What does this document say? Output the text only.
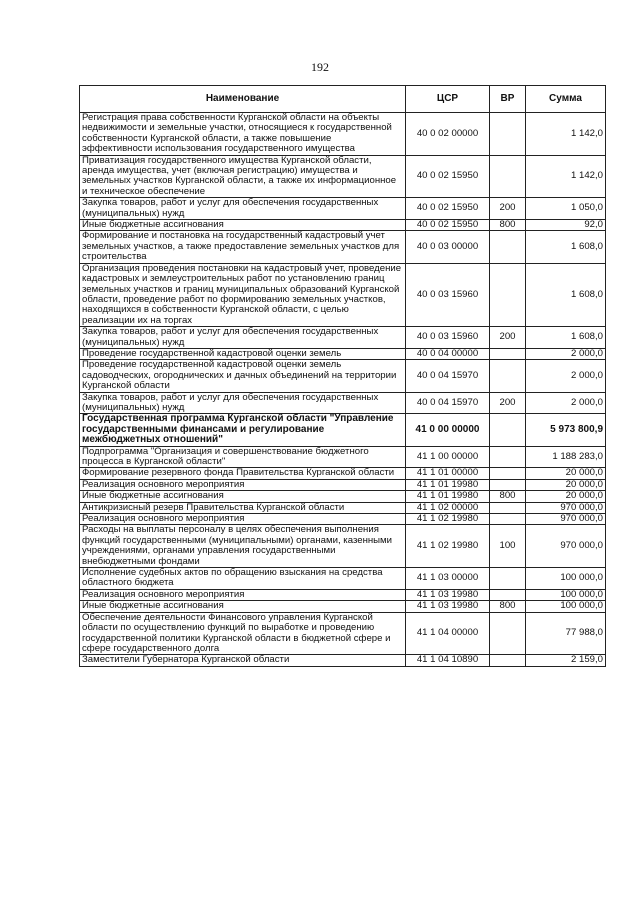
192
Наименование	ЦСР	ВР	Сумма
Регистрация права собственности Курганской области на объекты недвижимости и земельные участки, относящиеся к государственной собственности Курганской области, а также повышение эффективности использования государственного имущества	40 0 02 00000		1 142,0
Приватизация государственного имущества Курганской области, аренда имущества, учет (включая регистрацию) имущества и земельных участков Курганской области, а также их информационное и техническое обеспечение	40 0 02 15950		1 142,0
Закупка товаров, работ и услуг для обеспечения государственных (муниципальных) нужд	40 0 02 15950	200	1 050,0
Иные бюджетные ассигнования	40 0 02 15950	800	92,0
Формирование и постановка на государственный кадастровый учет земельных участков, а также предоставление земельных участков для строительства	40 0 03 00000		1 608,0
Организация проведения постановки на кадастровый учет, проведение кадастровых и землеустроительных работ по установлению границ земельных участков и границ муниципальных образований Курганской области, проведение работ по формированию земельных участков, находящихся в собственности Курганской области, с целью реализации их на торгах	40 0 03 15960		1 608,0
Закупка товаров, работ и услуг для обеспечения государственных (муниципальных) нужд	40 0 03 15960	200	1 608,0
Проведение государственной кадастровой оценки земель	40 0 04 00000		2 000,0
Проведение государственной кадастровой оценки земель садоводческих, огороднических и дачных объединений на территории Курганской области	40 0 04 15970		2 000,0
Закупка товаров, работ и услуг для обеспечения государственных (муниципальных) нужд	40 0 04 15970	200	2 000,0
Государственная программа Курганской области "Управление государственными финансами и регулирование межбюджетных отношений"	41 0 00 00000		5 973 800,9
Подпрограмма "Организация и совершенствование бюджетного процесса в Курганской области"	41 1 00 00000		1 188 283,0
Формирование резервного фонда Правительства Курганской области	41 1 01 00000		20 000,0
Реализация основного мероприятия	41 1 01 19980		20 000,0
Иные бюджетные ассигнования	41 1 01 19980	800	20 000,0
Антикризисный резерв Правительства Курганской области	41 1 02 00000		970 000,0
Реализация основного мероприятия	41 1 02 19980		970 000,0
Расходы на выплаты персоналу в целях обеспечения выполнения функций государственными (муниципальными) органами, казенными учреждениями, органами управления государственными внебюджетными фондами	41 1 02 19980	100	970 000,0
Исполнение судебных актов по обращению взыскания на средства областного бюджета	41 1 03 00000		100 000,0
Реализация основного мероприятия	41 1 03 19980		100 000,0
Иные бюджетные ассигнования	41 1 03 19980	800	100 000,0
Обеспечение деятельности Финансового управления Курганской области по осуществлению функций по выработке и проведению государственной политики Курганской области в бюджетной сфере и сфере государственного долга	41 1 04 00000		77 988,0
Заместители Губернатора Курганской области	41 1 04 10890		2 159,0
